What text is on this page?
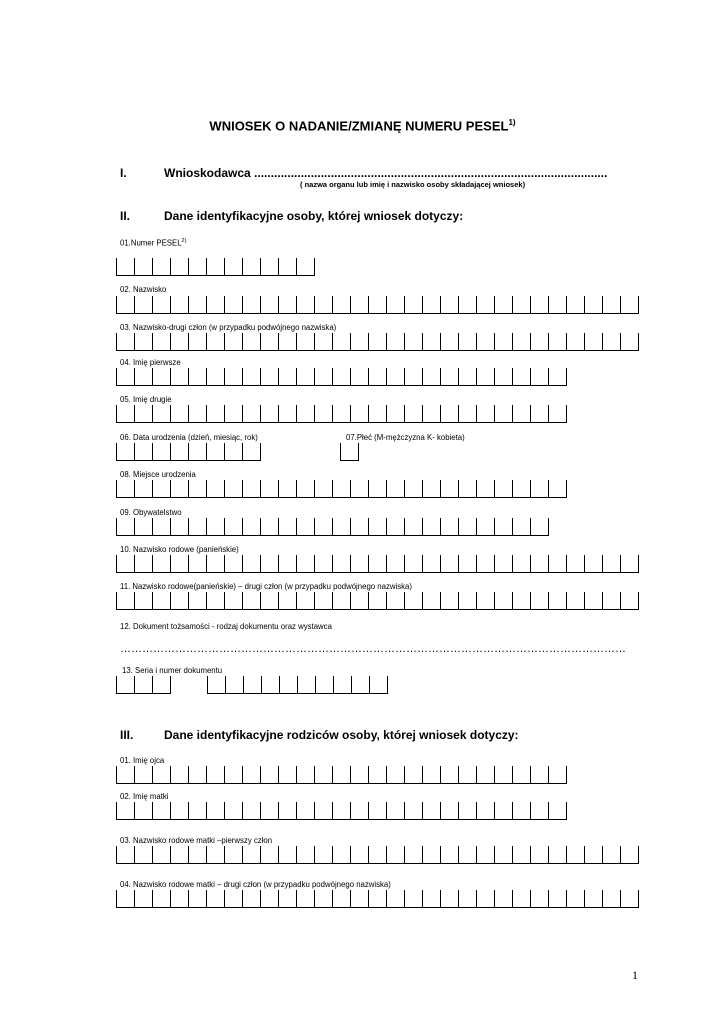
WNIOSEK O NADANIE/ZMIANĘ NUMERU PESEL$^{1)}$
I.	Wnioskodawca ..........................................................................................................
( nazwa organu lub imię i nazwisko osoby składającej wniosek)
II.	Dane identyfikacyjne osoby, której wniosek dotyczy:
01.Numer PESEL$^{2)}$
02. Nazwisko
03. Nazwisko-drugi człon (w przypadku podwójnego nazwiska)
04. Imię pierwsze
05. Imię drugie
06. Data urodzenia (dzień, miesiąc, rok)	07.Płeć (M-mężczyzna K- kobieta)
08. Miejsce urodzenia
09. Obywatelstwo
10. Nazwisko rodowe (panieńskie)
11. Nazwisko rodowe(panieńskie) – drugi człon (w przypadku podwójnego nazwiska)
12. Dokument tożsamości - rodzaj dokumentu oraz wystawca
…………………………………………………………………………………………………………………………
13. Seria i numer dokumentu
III.	Dane identyfikacyjne rodziców osoby, której wniosek dotyczy:
01. Imię ojca
02. Imię matki
03. Nazwisko rodowe matki –pierwszy człon
04. Nazwisko rodowe matki – drugi człon (w przypadku podwójnego nazwiska)
1
